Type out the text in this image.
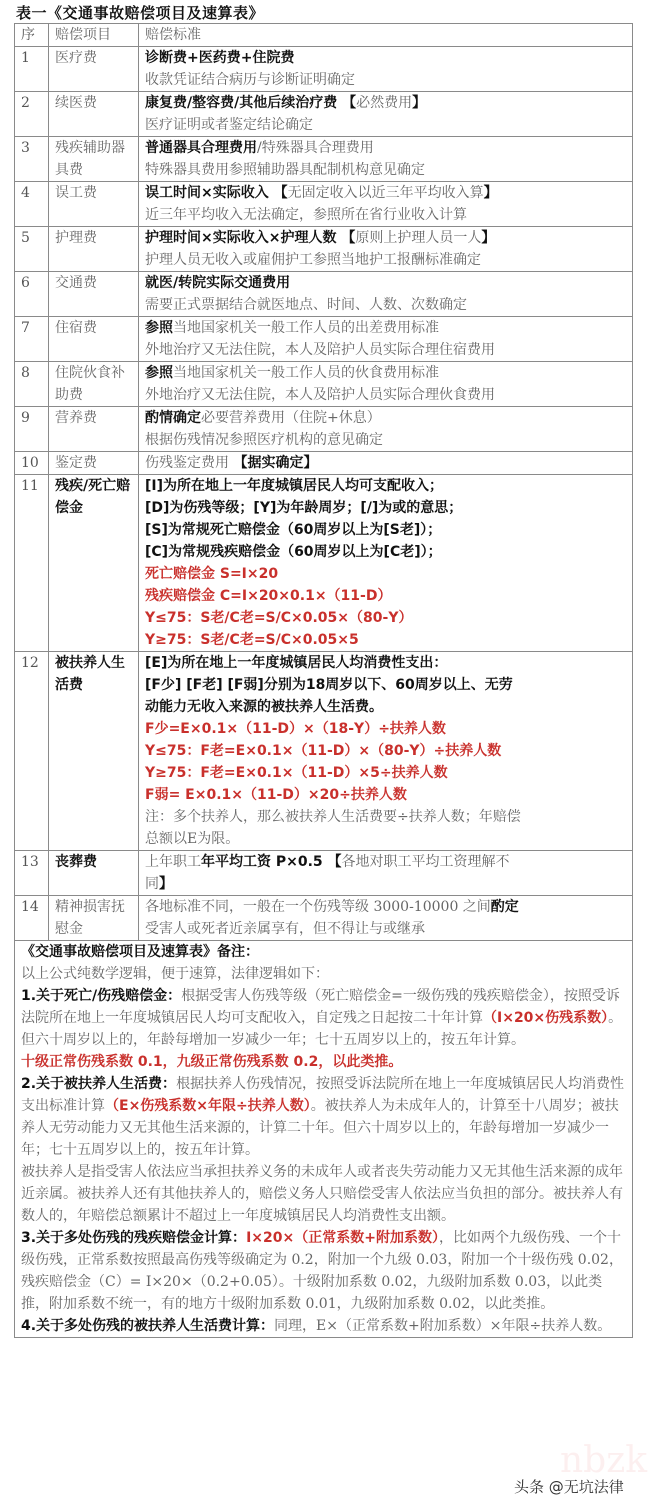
表一《交通事故赔偿项目及速算表》
序	赔偿项目	赔偿标准
1	医疗费	诊断费+医药费+住院费
收款凭证结合病历与诊断证明确定

2	续医费	康复费/整容费/其他后续治疗费 【必然费用】
医疗证明或者鉴定结论确定

3	残疾辅助器具费	普通器具合理费用/特殊器具合理费用
特殊器具费用参照辅助器具配制机构意见确定

4	误工费	误工时间×实际收入 【无固定收入以近三年平均收入算】
近三年平均收入无法确定，参照所在省行业收入计算

5	护理费	护理时间×实际收入×护理人数 【原则上护理人员一人】
护理人员无收入或雇佣护工参照当地护工报酬标准确定

6	交通费	就医/转院实际交通费用
需要正式票据结合就医地点、时间、人数、次数确定

7	住宿费	参照当地国家机关一般工作人员的出差费用标准
外地治疗又无法住院，本人及陪护人员实际合理住宿费用

8	住院伙食补助费	参照当地国家机关一般工作人员的伙食费用标准
外地治疗又无法住院，本人及陪护人员实际合理伙食费用

9	营养费	酌情确定必要营养费用（住院+休息）
根据伤残情况参照医疗机构的意见确定

10	鉴定费	伤残鉴定费用 【据实确定】

11	残疾/死亡赔偿金	
[I]为所在地上一年度城镇居民人均可支配收入；
[D]为伤残等级；[Y]为年龄周岁；[/]为或的意思；
[S]为常规死亡赔偿金（60周岁以上为[S老]）；
[C]为常规残疾赔偿金（60周岁以上为[C老]）；
死亡赔偿金 S=I×20
残疾赔偿金 C=I×20×0.1×（11-D）
Y≤75：S老/C老=S/C×0.05×（80-Y）
Y≥75：S老/C老=S/C×0.05×5

12	被扶养人生活费	
[E]为所在地上一年度城镇居民人均消费性支出：
[F少] [F老] [F弱]分别为18周岁以下、60周岁以上、无劳
动能力无收入来源的被扶养人生活费。
F少=E×0.1×（11-D）×（18-Y）÷扶养人数
Y≤75：F老=E×0.1×（11-D）×（80-Y）÷扶养人数
Y≥75：F老=E×0.1×（11-D）×5÷扶养人数
F弱= E×0.1×（11-D）×20÷扶养人数
注：多个扶养人，那么被扶养人生活费要÷扶养人数；年赔偿
总额以E为限。

13	丧葬费	上年职工年平均工资 P×0.5 【各地对职工平均工资理解不
同】

14	精神损害抚慰金	各地标准不同，一般在一个伤残等级 3000-10000 之间酌定
受害人或死者近亲属享有，但不得让与或继承

《交通事故赔偿项目及速算表》备注：
以上公式纯数学逻辑，便于速算，法律逻辑如下：
1.关于死亡/伤残赔偿金：根据受害人伤残等级（死亡赔偿金=一级伤残的残疾赔偿金），按照受诉法院所在地上一年度城镇居民人均可支配收入，自定残之日起按二十年计算（I×20×伤残系数）。但六十周岁以上的，年龄每增加一岁减少一年；七十五周岁以上的，按五年计算。
十级正常伤残系数 0.1，九级正常伤残系数 0.2，以此类推。
2.关于被扶养人生活费：根据扶养人伤残情况，按照受诉法院所在地上一年度城镇居民人均消费性支出标准计算（E×伤残系数×年限÷扶养人数）。被扶养人为未成年人的，计算至十八周岁；被扶养人无劳动能力又无其他生活来源的，计算二十年。但六十周岁以上的，年龄每增加一岁减少一年；七十五周岁以上的，按五年计算。
被扶养人是指受害人依法应当承担扶养义务的未成年人或者丧失劳动能力又无其他生活来源的成年近亲属。被扶养人还有其他扶养人的，赔偿义务人只赔偿受害人依法应当负担的部分。被扶养人有数人的，年赔偿总额累计不超过上一年度城镇居民人均消费性支出额。
3.关于多处伤残的残疾赔偿金计算：I×20×（正常系数+附加系数），比如两个九级伤残、一个十级伤残，正常系数按照最高伤残等级确定为 0.2，附加一个九级 0.03，附加一个十级伤残 0.02，残疾赔偿金（C）= I×20×（0.2+0.05）。十级附加系数 0.02，九级附加系数 0.03，以此类推，附加系数不统一，有的地方十级附加系数 0.01，九级附加系数 0.02，以此类推。
4.关于多处伤残的被扶养人生活费计算：同理，E×（正常系数+附加系数）×年限÷扶养人数。
nbzk
头条 @无坑法律
